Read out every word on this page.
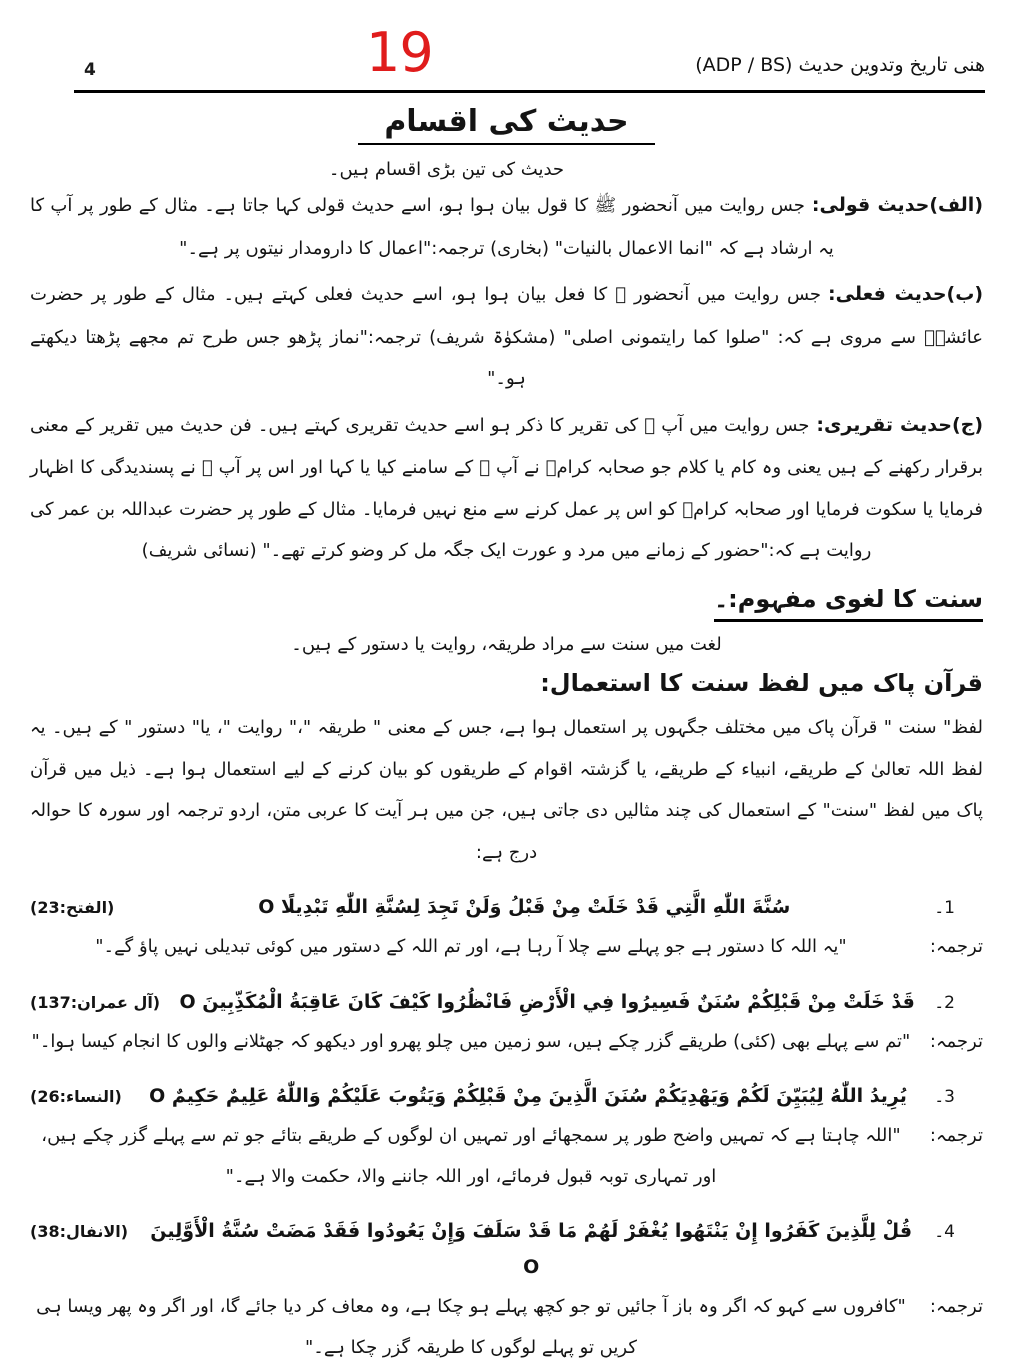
4	19	ھنی تاریخ وتدوین حدیث (ADP / BS)
حدیث کی اقسام

حدیث کی تین بڑی اقسام ہیں۔

(الف)حدیث قولی:جس روایت میں آنحضور ﷺ کا قول بیان ہوا ہو، اسے حدیث قولی کہا جاتا ہے۔ مثال کے طور پر آپ کا یہ ارشاد ہے کہ "انما الاعمال بالنیات" (بخاری) ترجمہ:"اعمال کا دارومدار نیتوں پر ہے۔"

(ب)حدیث فعلی:جس روایت میں آنحضور ﷺ کا فعل بیان ہوا ہو، اسے حدیث فعلی کہتے ہیں۔ مثال کے طور پر حضرت عائشہؓ سے مروی ہے کہ: "صلوا کما رایتمونی اصلی" (مشکوٰۃ شریف) ترجمہ:"نماز پڑھو جس طرح تم مجھے پڑھتا دیکھتے ہو۔"

(ج)حدیث تقریری:جس روایت میں آپ ﷺ کی تقریر کا ذکر ہو اسے حدیث تقریری کہتے ہیں۔ فن حدیث میں تقریر کے معنی برقرار رکھنے کے ہیں یعنی وہ کام یا کلام جو صحابہ کرامؓ نے آپ ﷺ کے سامنے کیا یا کہا اور اس پر آپ ﷺ نے پسندیدگی کا اظہار فرمایا یا سکوت فرمایا اور صحابہ کرامؓ کو اس پر عمل کرنے سے منع نہیں فرمایا۔ مثال کے طور پر حضرت عبداللہ بن عمر کی روایت ہے کہ:"حضور کے زمانے میں مرد و عورت ایک جگہ مل کر وضو کرتے تھے۔" (نسائی شریف)

سنت کا لغوی مفہوم:۔

لغت میں سنت سے مراد طریقہ، روایت یا دستور کے ہیں۔

قرآن پاک میں لفظ سنت کا استعمال:

لفظ" سنت " قرآن پاک میں مختلف جگہوں پر استعمال ہوا ہے، جس کے معنی " طریقہ "،" روایت "، یا" دستور " کے ہیں۔ یہ لفظ اللہ تعالیٰ کے طریقے، انبیاء کے طریقے، یا گزشتہ اقوام کے طریقوں کو بیان کرنے کے لیے استعمال ہوا ہے۔ ذیل میں قرآن پاک میں لفظ "سنت" کے استعمال کی چند مثالیں دی جاتی ہیں، جن میں ہر آیت کا عربی متن، اردو ترجمہ اور سورہ کا حوالہ درج ہے:

1۔
سُنَّةَ اللّٰهِ الَّتِي قَدْ خَلَتْ مِنْ قَبْلُ وَلَنْ تَجِدَ لِسُنَّةِ اللّٰهِ تَبْدِيلًا O
(الفتح:23)
ترجمہ:
"یہ اللہ کا دستور ہے جو پہلے سے چلا آ رہا ہے، اور تم اللہ کے دستور میں کوئی تبدیلی نہیں پاؤ گے۔"
2۔
قَدْ خَلَتْ مِنْ قَبْلِكُمْ سُنَنٌ فَسِيرُوا فِي الْأَرْضِ فَانْظُرُوا كَيْفَ كَانَ عَاقِبَةُ الْمُكَذِّبِينَ O
(آل عمران:137)
ترجمہ:
"تم سے پہلے بھی (کئی) طریقے گزر چکے ہیں، سو زمین میں چلو پھرو اور دیکھو کہ جھٹلانے والوں کا انجام کیسا ہوا۔"
3۔
يُرِيدُ اللّٰهُ لِيُبَيِّنَ لَكُمْ وَيَهْدِيَكُمْ سُنَنَ الَّذِينَ مِنْ قَبْلِكُمْ وَيَتُوبَ عَلَيْكُمْ وَاللّٰهُ عَلِيمٌ حَكِيمٌ O
(النساء:26)
ترجمہ:
"اللہ چاہتا ہے کہ تمہیں واضح طور پر سمجھائے اور تمہیں ان لوگوں کے طریقے بتائے جو تم سے پہلے گزر چکے ہیں، اور تمہاری توبہ قبول فرمائے، اور اللہ جاننے والا، حکمت والا ہے۔"
4۔
قُلْ لِلَّذِينَ كَفَرُوا إِنْ يَنْتَهُوا يُغْفَرْ لَهُمْ مَا قَدْ سَلَفَ وَإِنْ يَعُودُوا فَقَدْ مَضَتْ سُنَّةُ الْأَوَّلِينَ O
(الانفال:38)
ترجمہ:
"کافروں سے کہو کہ اگر وہ باز آ جائیں تو جو کچھ پہلے ہو چکا ہے، وہ معاف کر دیا جائے گا، اور اگر وہ پھر ویسا ہی کریں تو پہلے لوگوں کا طریقہ گزر چکا ہے۔"
